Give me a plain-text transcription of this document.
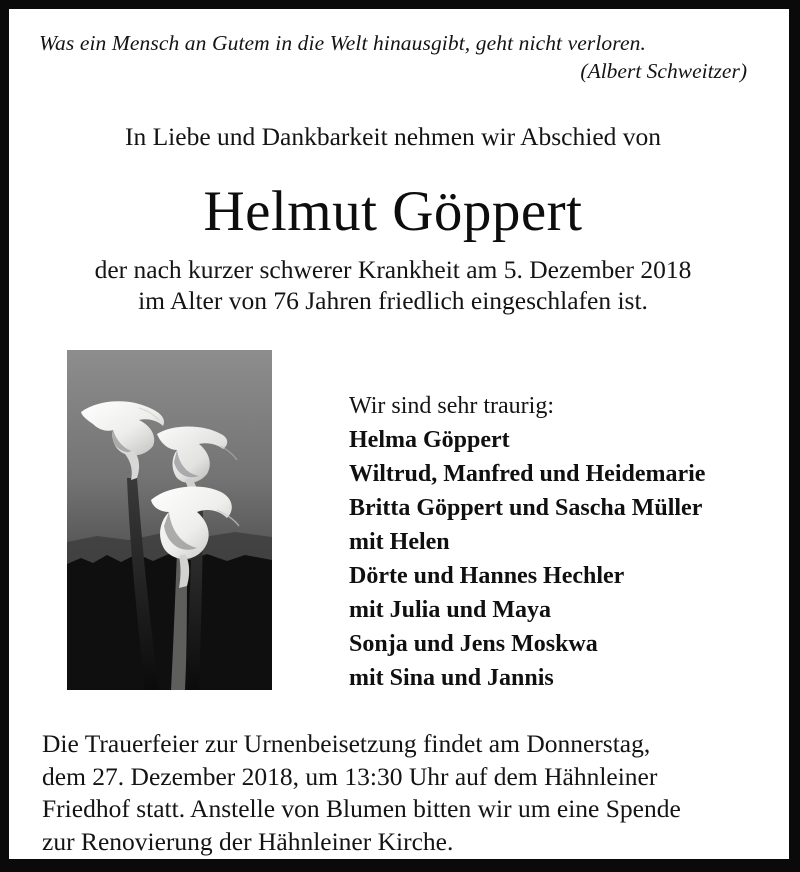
Was ein Mensch an Gutem in die Welt hinausgibt, geht nicht verloren.
(Albert Schweitzer)
In Liebe und Dankbarkeit nehmen wir Abschied von
Helmut Göppert
der nach kurzer schwerer Krankheit am 5. Dezember 2018
im Alter von 76 Jahren friedlich eingeschlafen ist.
Wir sind sehr traurig:
Helma Göppert
Wiltrud, Manfred und Heidemarie
Britta Göppert und Sascha Müller
mit Helen
Dörte und Hannes Hechler
mit Julia und Maya
Sonja und Jens Moskwa
mit Sina und Jannis
Die Trauerfeier zur Urnenbeisetzung findet am Donnerstag,
dem 27. Dezember 2018, um 13:30 Uhr auf dem Hähnleiner
Friedhof statt. Anstelle von Blumen bitten wir um eine Spende
zur Renovierung der Hähnleiner Kirche.
